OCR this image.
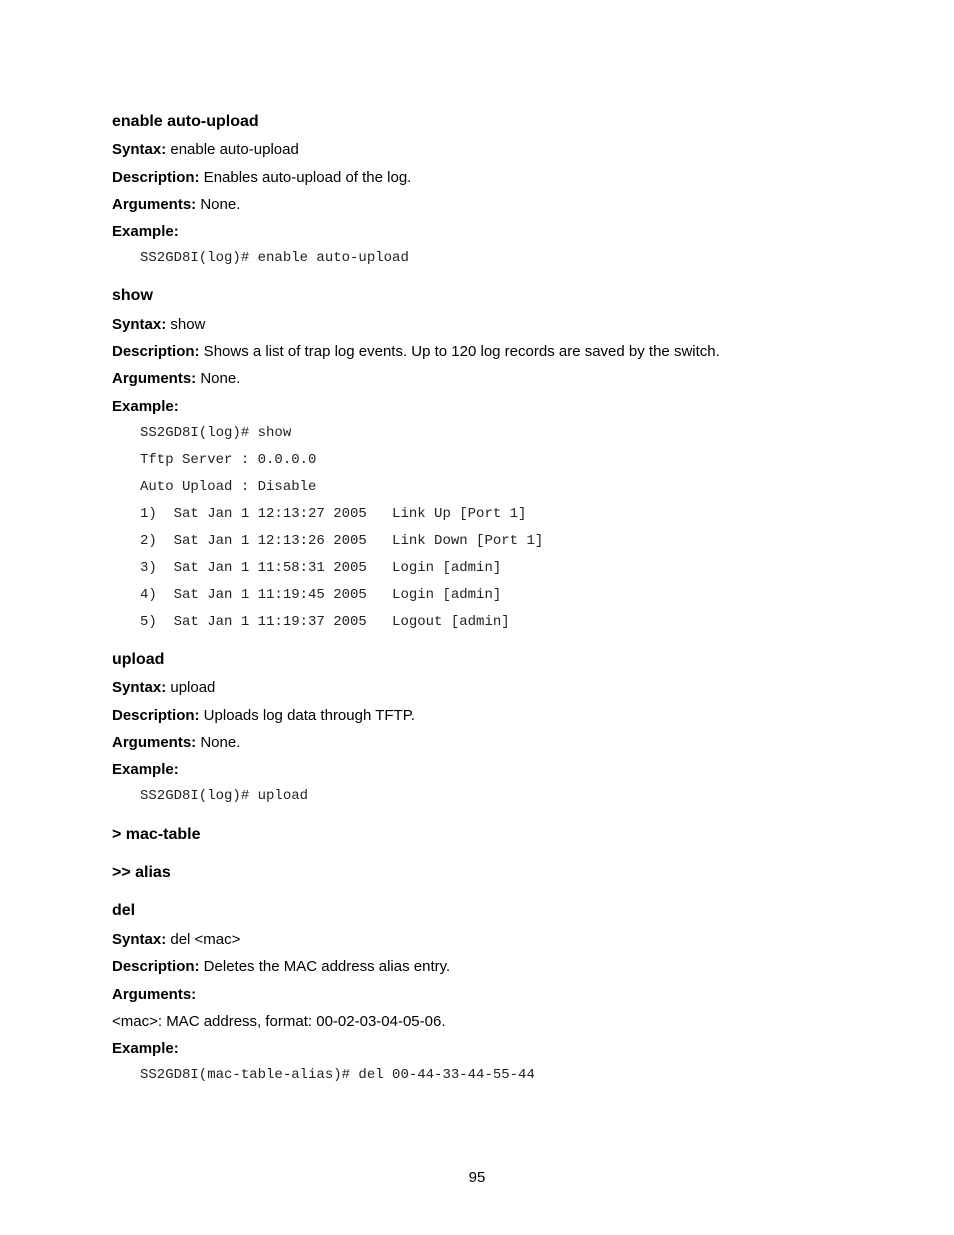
enable auto-upload
Syntax: enable auto-upload
Description: Enables auto-upload of the log.
Arguments: None.
Example:
SS2GD8I(log)# enable auto-upload
show
Syntax: show
Description: Shows a list of trap log events. Up to 120 log records are saved by the switch.
Arguments: None.
Example:
SS2GD8I(log)# show
Tftp Server : 0.0.0.0
Auto Upload : Disable
1)  Sat Jan 1 12:13:27 2005   Link Up [Port 1]
2)  Sat Jan 1 12:13:26 2005   Link Down [Port 1]
3)  Sat Jan 1 11:58:31 2005   Login [admin]
4)  Sat Jan 1 11:19:45 2005   Login [admin]
5)  Sat Jan 1 11:19:37 2005   Logout [admin]
upload
Syntax: upload
Description: Uploads log data through TFTP.
Arguments: None.
Example:
SS2GD8I(log)# upload
> mac-table
>> alias
del
Syntax: del <mac>
Description: Deletes the MAC address alias entry.
Arguments:
<mac>: MAC address, format: 00-02-03-04-05-06.
Example:
SS2GD8I(mac-table-alias)# del 00-44-33-44-55-44
95
